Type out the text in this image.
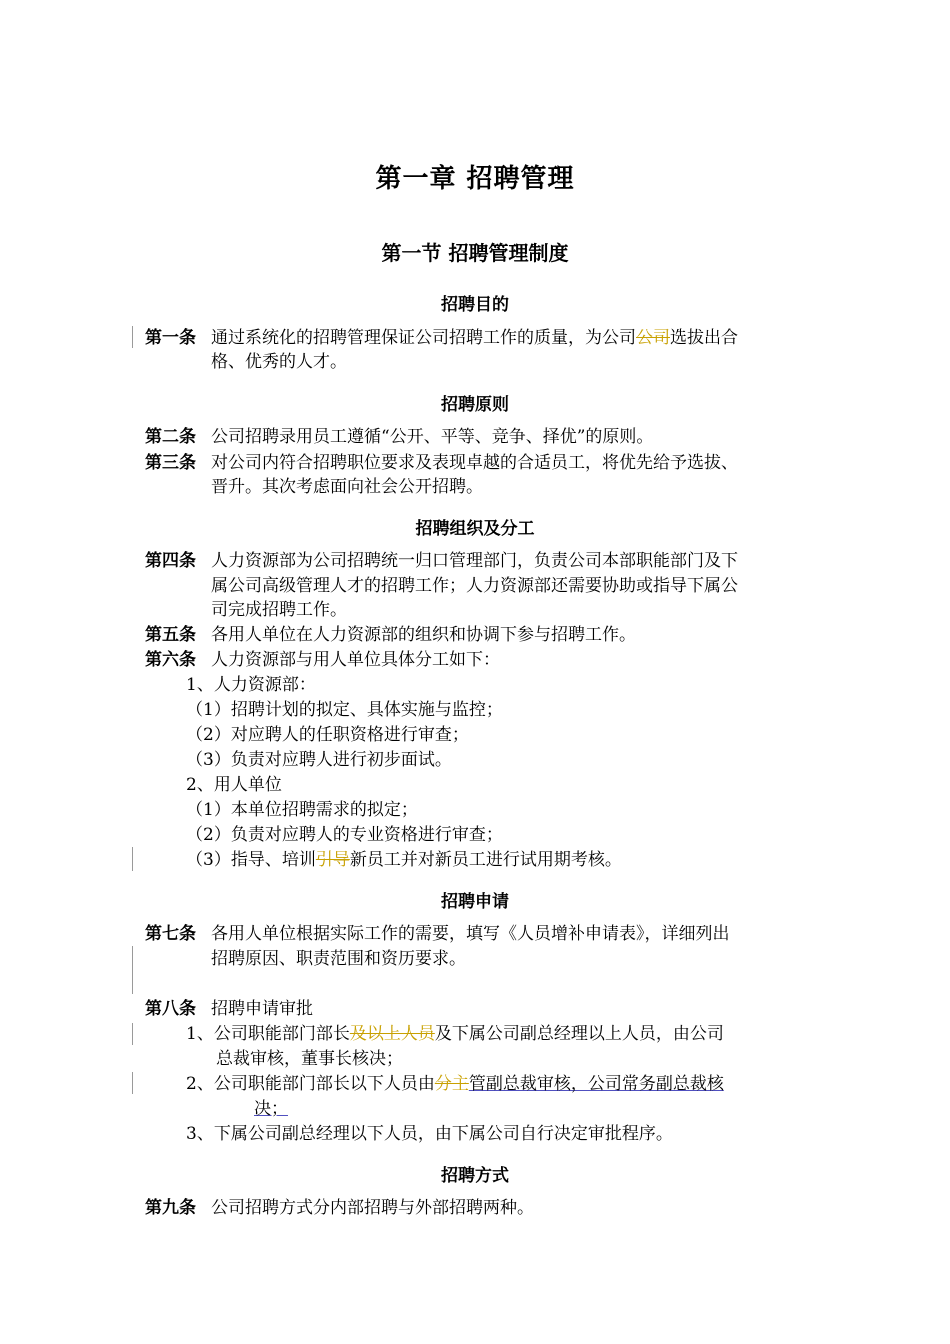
第一章 招聘管理
第一节 招聘管理制度
招聘目的
第一条 通过系统化的招聘管理保证公司招聘工作的质量，为公司公司选拔出合
格、优秀的人才。
招聘原则
第二条 公司招聘录用员工遵循“公开、平等、竞争、择优”的原则。
第三条 对公司内符合招聘职位要求及表现卓越的合适员工，将优先给予选拔、
晋升。其次考虑面向社会公开招聘。
招聘组织及分工
第四条 人力资源部为公司招聘统一归口管理部门，负责公司本部职能部门及下
属公司高级管理人才的招聘工作；人力资源部还需要协助或指导下属公
司完成招聘工作。
第五条 各用人单位在人力资源部的组织和协调下参与招聘工作。
第六条 人力资源部与用人单位具体分工如下：
1、人力资源部：
（1）招聘计划的拟定、具体实施与监控；
（2）对应聘人的任职资格进行审查；
（3）负责对应聘人进行初步面试。
2、用人单位
（1）本单位招聘需求的拟定；
（2）负责对应聘人的专业资格进行审查；
（3）指导、培训引导新员工并对新员工进行试用期考核。
招聘申请
第七条 各用人单位根据实际工作的需要，填写《人员增补申请表》，详细列出
招聘原因、职责范围和资历要求。
第八条 招聘申请审批
1、公司职能部门部长及以上人员及下属公司副总经理以上人员，由公司
总裁审核，董事长核决；
2、公司职能部门部长以下人员由分主管副总裁审核，公司常务副总裁核
决；
3、下属公司副总经理以下人员，由下属公司自行决定审批程序。
招聘方式
第九条 公司招聘方式分内部招聘与外部招聘两种。
